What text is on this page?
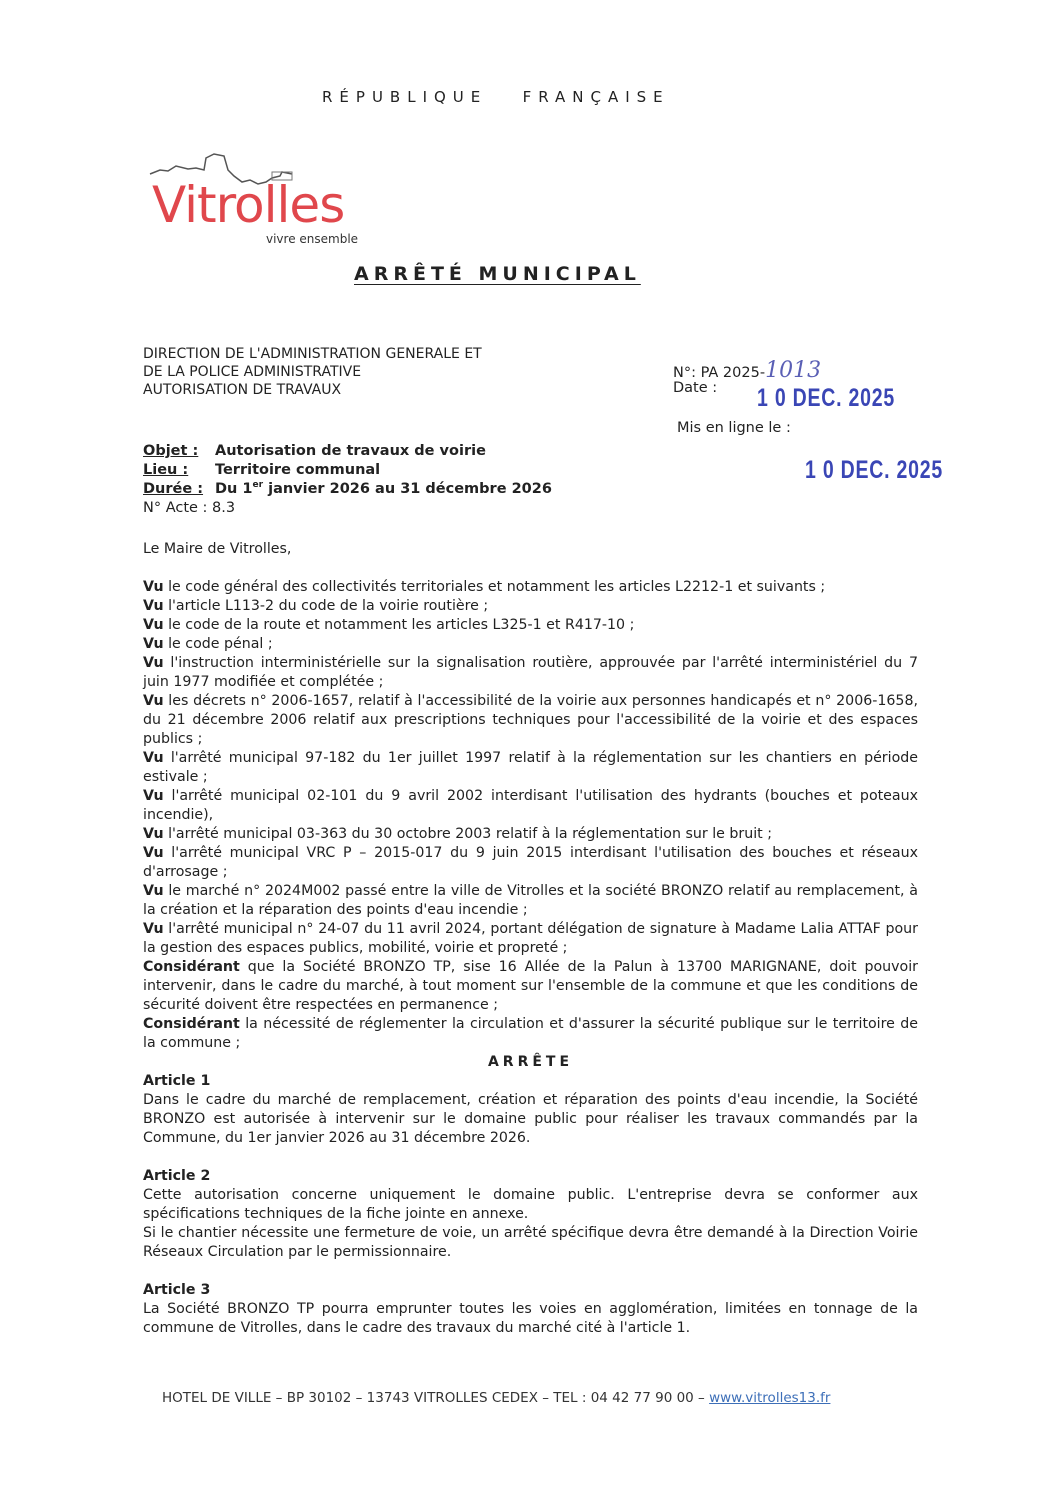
RÉPUBLIQUE   FRANÇAISE
Vitrolles
vivre ensemble
ARRÊTÉ MUNICIPAL
DIRECTION DE L'ADMINISTRATION GENERALE ET
DE LA POLICE ADMINISTRATIVE
AUTORISATION DE TRAVAUX
N°: PA 2025-1013
Date : 1 0 DEC. 2025
Mis en ligne le :
1 0 DEC. 2025
Objet : Autorisation de travaux de voirie
Lieu : Territoire communal
Durée : Du 1er janvier 2026 au 31 décembre 2026
N° Acte : 8.3

Le Maire de Vitrolles,

Vu le code général des collectivités territoriales et notamment les articles L2212-1 et suivants ;

Vu l'article L113-2 du code de la voirie routière ;

Vu le code de la route et notamment les articles L325-1 et R417-10 ;

Vu le code pénal ;

Vu l'instruction interministérielle sur la signalisation routière, approuvée par l'arrêté interministériel du 7 juin 1977 modifiée et complétée ;

Vu les décrets n° 2006-1657, relatif à l'accessibilité de la voirie aux personnes handicapés et n° 2006-1658, du 21 décembre 2006 relatif aux prescriptions techniques pour l'accessibilité de la voirie et des espaces publics ;

Vu l'arrêté municipal 97-182 du 1er juillet 1997 relatif à la réglementation sur les chantiers en période estivale ;

Vu l'arrêté municipal 02-101 du 9 avril 2002 interdisant l'utilisation des hydrants (bouches et poteaux incendie),

Vu l'arrêté municipal 03-363 du 30 octobre 2003 relatif à la réglementation sur le bruit ;

Vu l'arrêté municipal VRC P – 2015-017 du 9 juin 2015 interdisant l'utilisation des bouches et réseaux d'arrosage ;

Vu le marché n° 2024M002 passé entre la ville de Vitrolles et la société BRONZO relatif au remplacement, à la création et la réparation des points d'eau incendie ;

Vu l'arrêté municipal n° 24-07 du 11 avril 2024, portant délégation de signature à Madame Lalia ATTAF pour la gestion des espaces publics, mobilité, voirie et propreté ;

Considérant que la Société BRONZO TP, sise 16 Allée de la Palun à 13700 MARIGNANE, doit pouvoir intervenir, dans le cadre du marché, à tout moment sur l'ensemble de la commune et que les conditions de sécurité doivent être respectées en permanence ;

Considérant la nécessité de réglementer la circulation et d'assurer la sécurité publique sur le territoire de la commune ;

ARRÊTE

Article 1

Dans le cadre du marché de remplacement, création et réparation des points d'eau incendie, la Société BRONZO est autorisée à intervenir sur le domaine public pour réaliser les travaux commandés par la Commune, du 1er janvier 2026 au 31 décembre 2026.

Article 2

Cette autorisation concerne uniquement le domaine public. L'entreprise devra se conformer aux spécifications techniques de la fiche jointe en annexe.

Si le chantier nécessite une fermeture de voie, un arrêté spécifique devra être demandé à la Direction Voirie Réseaux Circulation par le permissionnaire.

Article 3

La Société BRONZO TP pourra emprunter toutes les voies en agglomération, limitées en tonnage de la commune de Vitrolles, dans le cadre des travaux du marché cité à l'article 1.

HOTEL DE VILLE – BP 30102 – 13743 VITROLLES CEDEX – TEL : 04 42 77 90 00 – www.vitrolles13.fr
